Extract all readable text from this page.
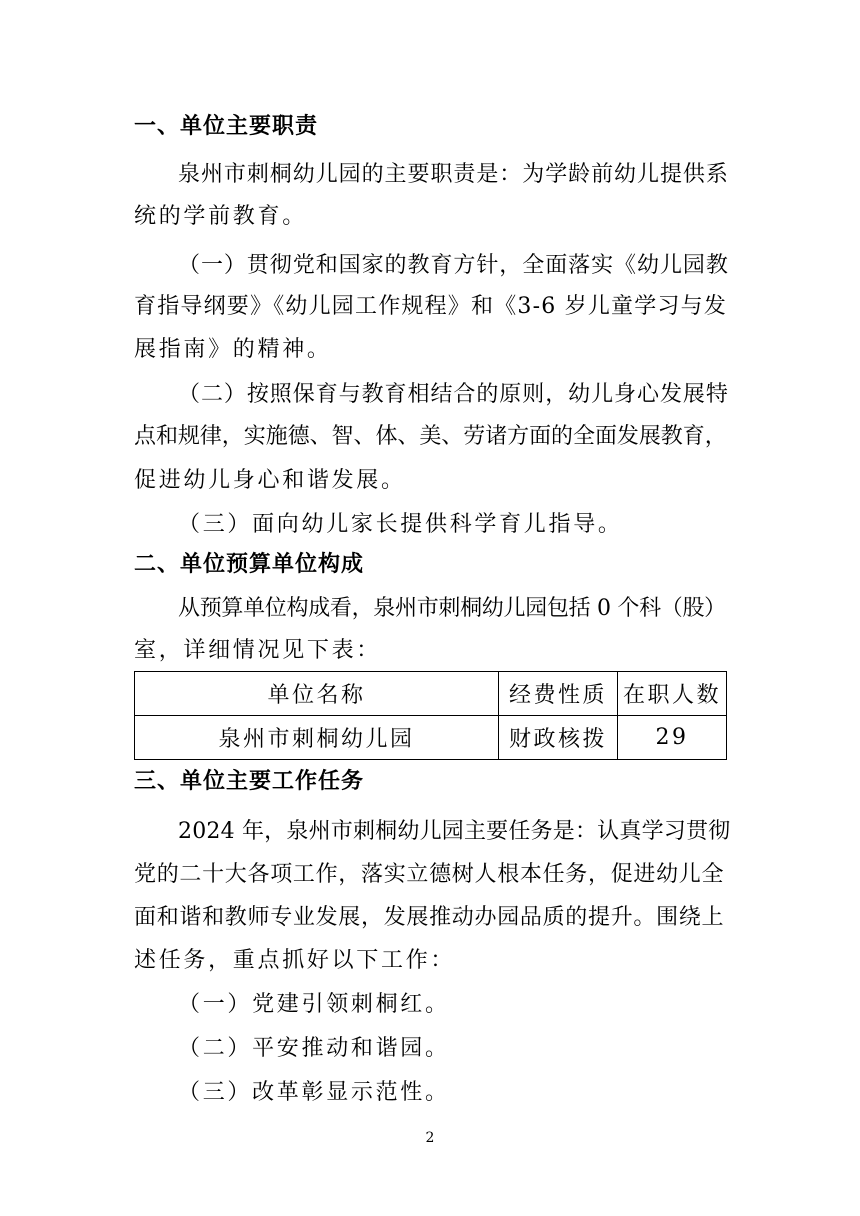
一、单位主要职责

泉州市刺桐幼儿园的主要职责是：为学龄前幼儿提供系

统的学前教育。

（一）贯彻党和国家的教育方针，全面落实《幼儿园教

育指导纲要》《幼儿园工作规程》和《3-6 岁儿童学习与发

展指南》的精神。

（二）按照保育与教育相结合的原则，幼儿身心发展特

点和规律，实施德、智、体、美、劳诸方面的全面发展教育，

促进幼儿身心和谐发展。

（三）面向幼儿家长提供科学育儿指导。

二、单位预算单位构成

从预算单位构成看，泉州市刺桐幼儿园包括 0 个科（股）

室，详细情况见下表：

单位名称	经费性质	在职人数
泉州市刺桐幼儿园	财政核拨	29

三、单位主要工作任务

2024 年，泉州市刺桐幼儿园主要任务是：认真学习贯彻

党的二十大各项工作，落实立德树人根本任务，促进幼儿全

面和谐和教师专业发展，发展推动办园品质的提升。围绕上

述任务，重点抓好以下工作：

（一）党建引领刺桐红。

（二）平安推动和谐园。

（三）改革彰显示范性。

2
